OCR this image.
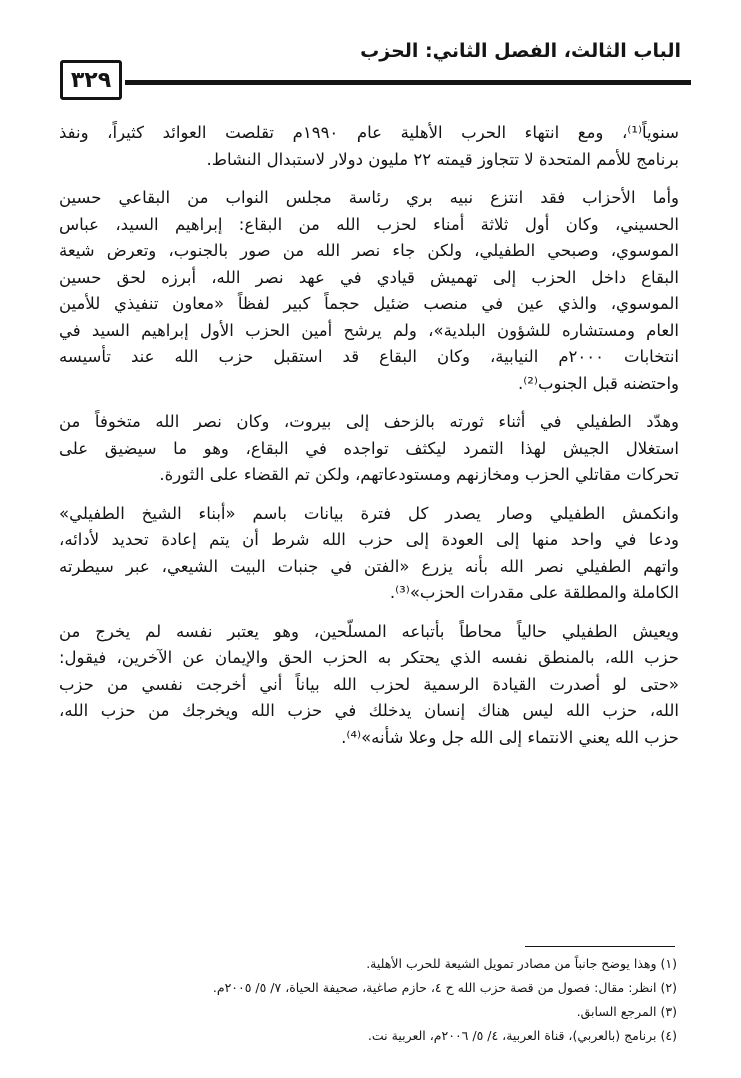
الباب الثالث، الفصل الثاني: الحزب
٣٢٩
سنوياً⁽¹⁾، ومع انتهاء الحرب الأهلية عام ١٩٩٠م تقلصت العوائد كثيراً، ونفذ
برنامج للأمم المتحدة لا تتجاوز قيمته ٢٢ مليون دولار لاستبدال النشاط.
وأما الأحزاب فقد انتزع نبيه بري رئاسة مجلس النواب من البقاعي حسين
الحسيني، وكان أول ثلاثة أمناء لحزب الله من البقاع: إبراهيم السيد، عباس
الموسوي، وصبحي الطفيلي، ولكن جاء نصر الله من صور بالجنوب، وتعرض شيعة
البقاع داخل الحزب إلى تهميش قيادي في عهد نصر الله، أبرزه لحق حسين
الموسوي، والذي عين في منصب ضئيل حجماً كبير لفظاً «معاون تنفيذي للأمين
العام ومستشاره للشؤون البلدية»، ولم يرشح أمين الحزب الأول إبراهيم السيد في
انتخابات ٢٠٠٠م النيابية، وكان البقاع قد استقبل حزب الله عند تأسيسه
واحتضنه قبل الجنوب⁽²⁾.
وهدّد الطفيلي في أثناء ثورته بالزحف إلى بيروت، وكان نصر الله متخوفاً من
استغلال الجيش لهذا التمرد ليكثف تواجده في البقاع، وهو ما سيضيق على
تحركات مقاتلي الحزب ومخازنهم ومستودعاتهم، ولكن تم القضاء على الثورة.
وانكمش الطفيلي وصار يصدر كل فترة بيانات باسم «أبناء الشيخ الطفيلي»
ودعا في واحد منها إلى العودة إلى حزب الله شرط أن يتم إعادة تحديد لأدائه،
واتهم الطفيلي نصر الله بأنه يزرع «الفتن في جنبات البيت الشيعي، عبر سيطرته
الكاملة والمطلقة على مقدرات الحزب»⁽³⁾.
ويعيش الطفيلي حالياً محاطاً بأتباعه المسلّحين، وهو يعتبر نفسه لم يخرج من
حزب الله، بالمنطق نفسه الذي يحتكر به الحزب الحق والإيمان عن الآخرين، فيقول:
«حتى لو أصدرت القيادة الرسمية لحزب الله بياناً أني أخرجت نفسي من حزب
الله، حزب الله ليس هناك إنسان يدخلك في حزب الله ويخرجك من حزب الله،
حزب الله يعني الانتماء إلى الله جل وعلا شأنه»⁽⁴⁾.
(١) وهذا يوضح جانباً من مصادر تمويل الشيعة للحرب الأهلية.
(٢) انظر: مقال: فصول من قصة حزب الله ح ٤، حازم صاغية، صحيفة الحياة، ٧/ ٥/ ٢٠٠٥م.
(٣) المرجع السابق.
(٤) برنامج (بالعربي)، قناة العربية، ٤/ ٥/ ٢٠٠٦م، العربية نت.
